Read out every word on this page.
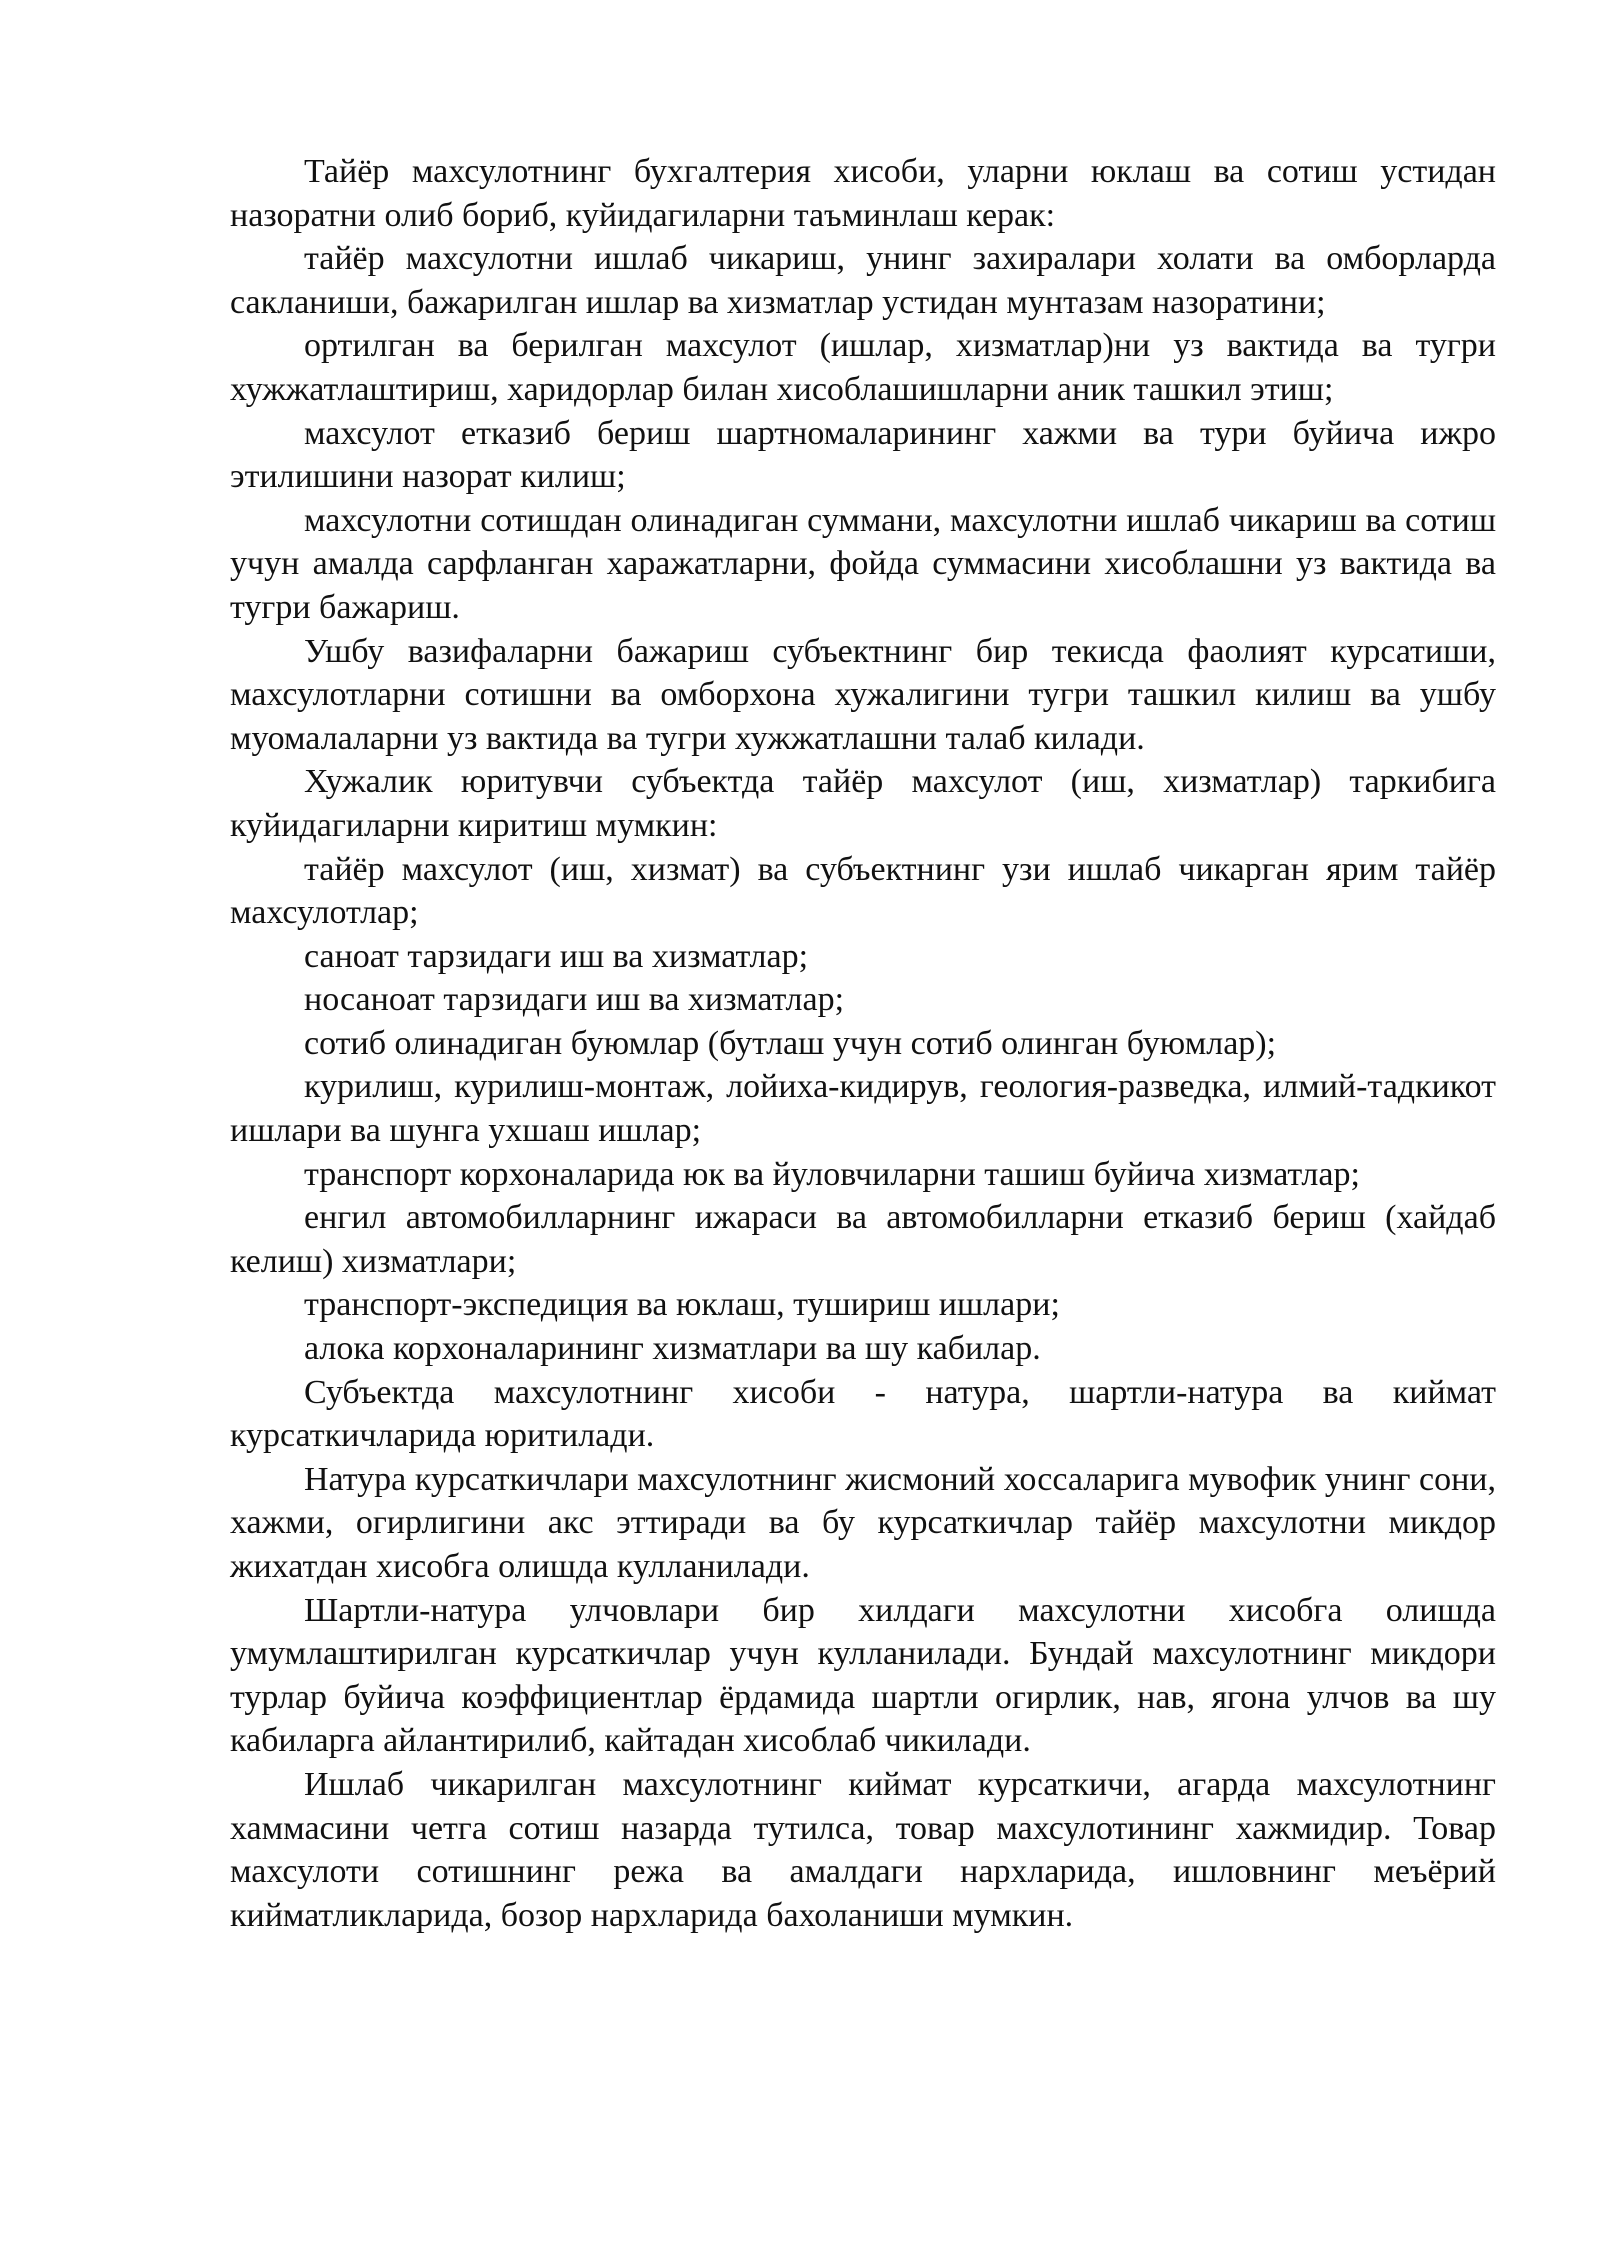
Тайёр махсулотнинг бухгалтерия хисоби, уларни юклаш ва сотиш устидан назоратни олиб бориб, куйидагиларни таъминлаш керак:

тайёр махсулотни ишлаб чикариш, унинг захиралари холати ва омборларда сакланиши, бажарилган ишлар ва хизматлар устидан мунтазам назоратини;

ортилган ва берилган махсулот (ишлар, хизматлар)ни уз вактида ва тугри хужжатлаштириш, харидорлар билан хисоблашишларни аник ташкил этиш;

махсулот етказиб бериш шартномаларининг хажми ва тури буйича ижро этилишини назорат килиш;

махсулотни сотишдан олинадиган суммани, махсулотни ишлаб чикариш ва сотиш учун амалда сарфланган харажатларни, фойда суммасини хисоблашни уз вактида ва тугри бажариш.

Ушбу вазифаларни бажариш субъектнинг бир текисда фаолият курсатиши, махсулотларни сотишни ва омборхона хужалигини тугри ташкил килиш ва ушбу муомалаларни уз вактида ва тугри хужжатлашни талаб килади.

Хужалик юритувчи субъектда тайёр махсулот (иш, хизматлар) таркибига куйидагиларни киритиш мумкин:

тайёр махсулот (иш, хизмат) ва субъектнинг узи ишлаб чикарган ярим тайёр махсулотлар;

саноат тарзидаги иш ва хизматлар;

носаноат тарзидаги иш ва хизматлар;

сотиб олинадиган буюмлар (бутлаш учун сотиб олинган буюмлар);

курилиш, курилиш-монтаж, лойиха-кидирув, геология-разведка, илмий-тадкикот ишлари ва шунга ухшаш ишлар;

транспорт корхоналарида юк ва йуловчиларни ташиш буйича хизматлар;

енгил автомобилларнинг ижараси ва автомобилларни етказиб бериш (хайдаб келиш) хизматлари;

транспорт-экспедиция ва юклаш, тушириш ишлари;

алока корхоналарининг хизматлари ва шу кабилар.

Субъектда махсулотнинг хисоби - натура, шартли-натура ва киймат курсаткичларида юритилади.

Натура курсаткичлари махсулотнинг жисмоний хоссаларига мувофик унинг сони, хажми, огирлигини акс эттиради ва бу курсаткичлар тайёр махсулотни микдор жихатдан хисобга олишда кулланилади.

Шартли-натура улчовлари бир хилдаги махсулотни хисобга олишда умумлаштирилган курсаткичлар учун кулланилади. Бундай махсулотнинг микдори турлар буйича коэффициентлар ёрдамида шартли огирлик, нав, ягона улчов ва шу кабиларга айлантирилиб, кайтадан хисоблаб чикилади.

Ишлаб чикарилган махсулотнинг киймат курсаткичи, агарда махсулотнинг хаммасини четга сотиш назарда тутилса, товар махсулотининг хажмидир. Товар махсулоти сотишнинг режа ва амалдаги нархларида, ишловнинг меъёрий кийматликларида, бозор нархларида бахоланиши мумкин.
